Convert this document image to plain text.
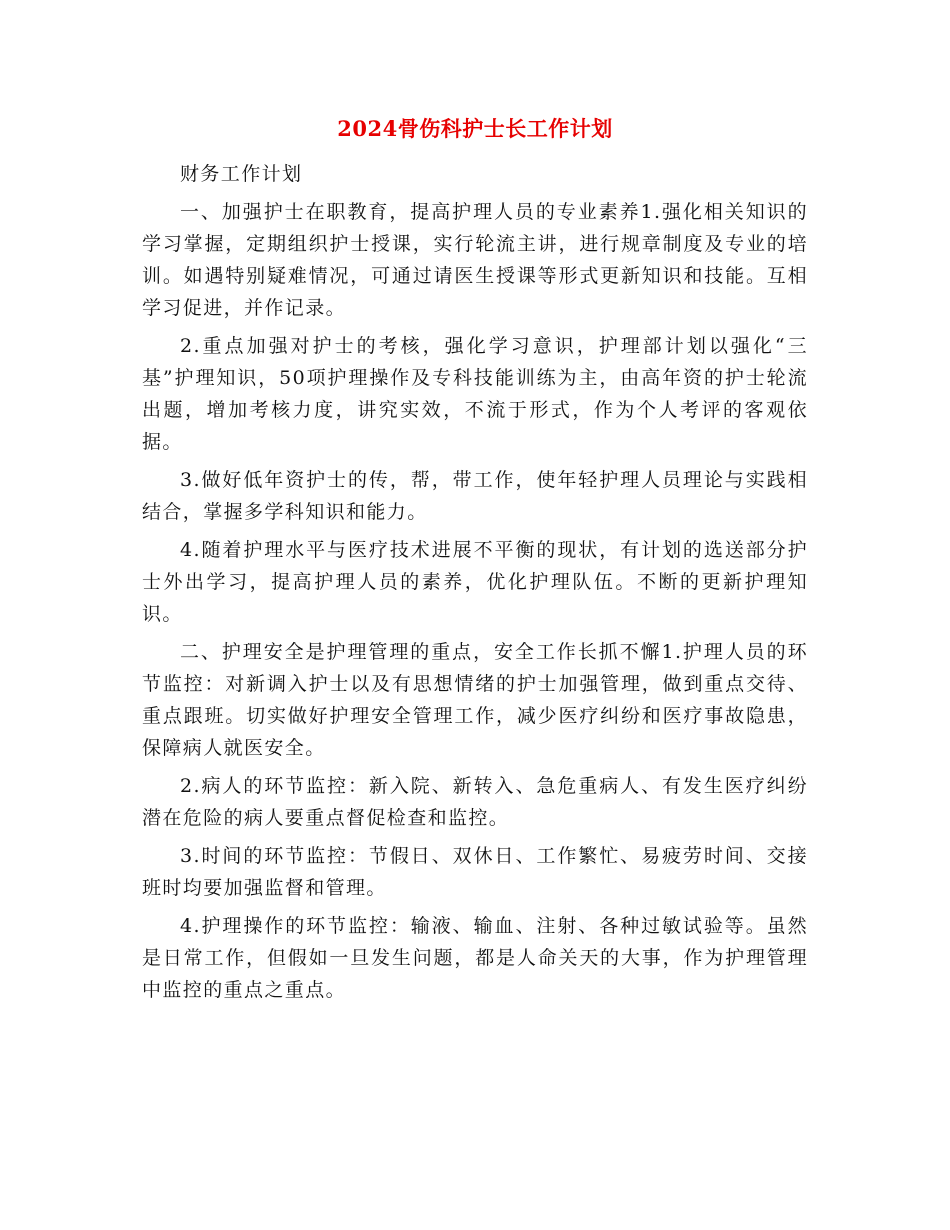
2024骨伤科护士长工作计划

财务工作计划

一、加强护士在职教育，提高护理人员的专业素养1.强化相关知识的学习掌握，定期组织护士授课，实行轮流主讲，进行规章制度及专业的培训。如遇特别疑难情况，可通过请医生授课等形式更新知识和技能。互相学习促进，并作记录。

2.重点加强对护士的考核，强化学习意识，护理部计划以强化“三基”护理知识，50项护理操作及专科技能训练为主，由高年资的护士轮流出题，增加考核力度，讲究实效，不流于形式，作为个人考评的客观依据。

3.做好低年资护士的传，帮，带工作，使年轻护理人员理论与实践相结合，掌握多学科知识和能力。

4.随着护理水平与医疗技术进展不平衡的现状，有计划的选送部分护士外出学习，提高护理人员的素养，优化护理队伍。不断的更新护理知识。

二、护理安全是护理管理的重点，安全工作长抓不懈1.护理人员的环节监控：对新调入护士以及有思想情绪的护士加强管理，做到重点交待、重点跟班。切实做好护理安全管理工作，减少医疗纠纷和医疗事故隐患，保障病人就医安全。

2.病人的环节监控：新入院、新转入、急危重病人、有发生医疗纠纷潜在危险的病人要重点督促检查和监控。

3.时间的环节监控：节假日、双休日、工作繁忙、易疲劳时间、交接班时均要加强监督和管理。

4.护理操作的环节监控：输液、输血、注射、各种过敏试验等。虽然是日常工作，但假如一旦发生问题，都是人命关天的大事，作为护理管理中监控的重点之重点。
